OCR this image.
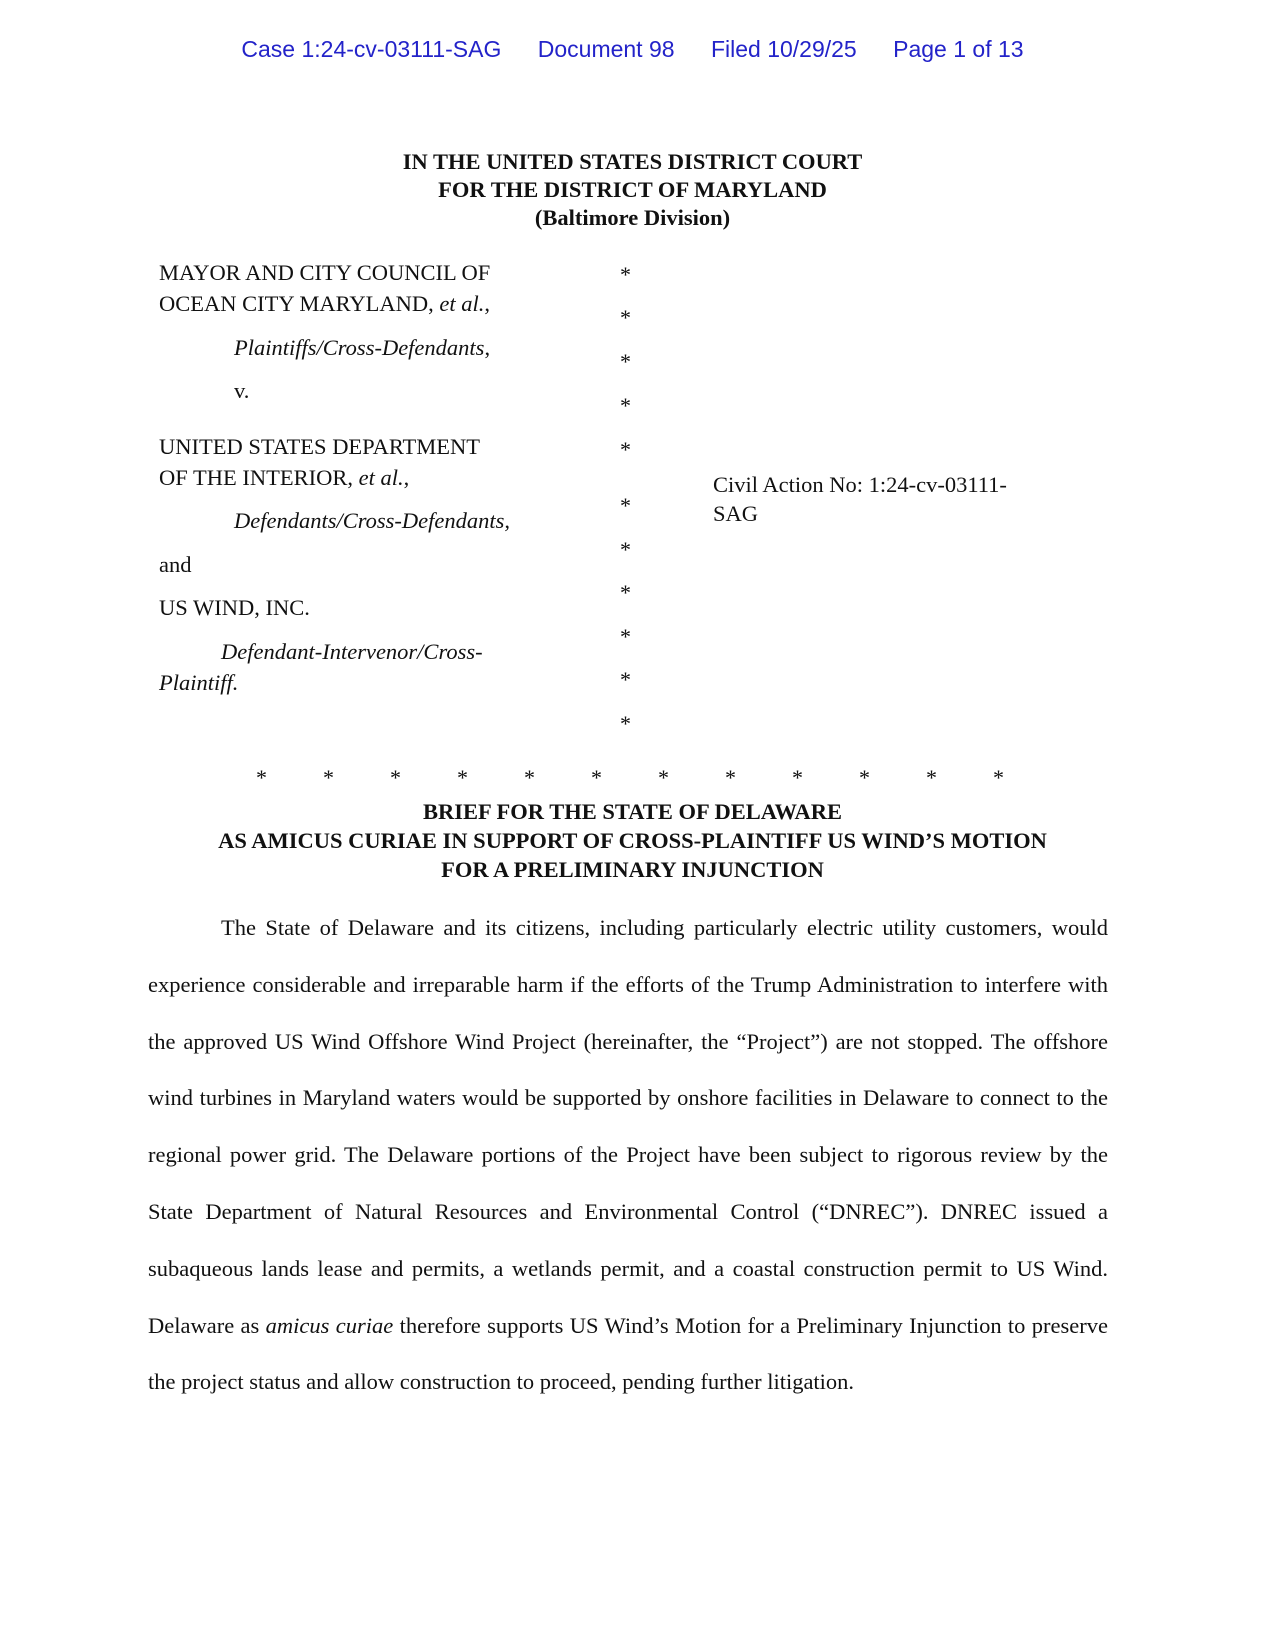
Case 1:24-cv-03111-SAG Document 98 Filed 10/29/25 Page 1 of 13
IN THE UNITED STATES DISTRICT COURT
FOR THE DISTRICT OF MARYLAND
(Baltimore Division)
MAYOR AND CITY COUNCIL OF
OCEAN CITY MARYLAND, et al.,
Plaintiffs/Cross-Defendants,
v.
UNITED STATES DEPARTMENT
OF THE INTERIOR, et al.,
Defendants/Cross-Defendants,
and
US WIND, INC.
Defendant-Intervenor/Cross-
Plaintiff.
*
*
*
*
*
*
*
*
*
*
*
Civil Action No: 1:24-cv-03111-
SAG
*	*	*	*	*	*	*	*	*	*	*	*
BRIEF FOR THE STATE OF DELAWARE
AS AMICUS CURIAE IN SUPPORT OF CROSS-PLAINTIFF US WIND’S MOTION
FOR A PRELIMINARY INJUNCTION

The State of Delaware and its citizens, including particularly electric utility customers, would experience considerable and irreparable harm if the efforts of the Trump Administration to interfere with the approved US Wind Offshore Wind Project (hereinafter, the “Project”) are not stopped. The offshore wind turbines in Maryland waters would be supported by onshore facilities in Delaware to connect to the regional power grid. The Delaware portions of the Project have been subject to rigorous review by the State Department of Natural Resources and Environmental Control (“DNREC”). DNREC issued a subaqueous lands lease and permits, a wetlands permit, and a coastal construction permit to US Wind. Delaware as amicus curiae therefore supports US Wind’s Motion for a Preliminary Injunction to preserve the project status and allow construction to proceed, pending further litigation.
